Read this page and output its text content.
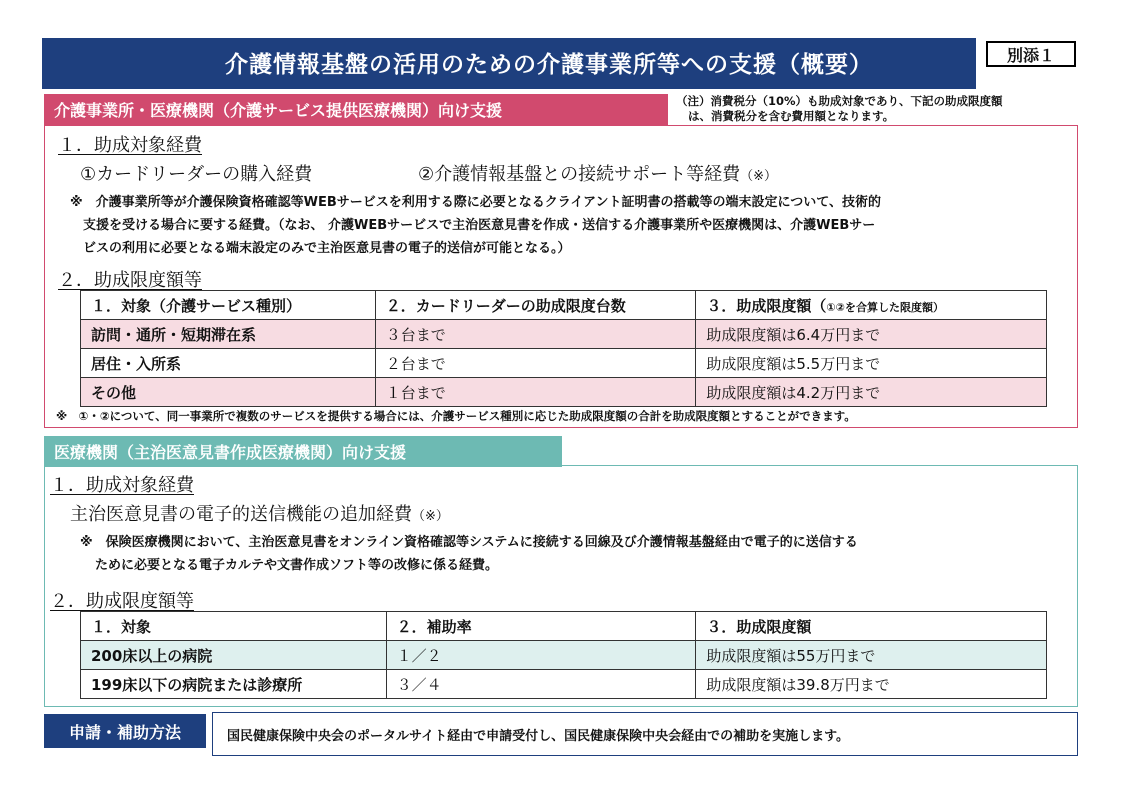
介護情報基盤の活用のための介護事業所等への支援（概要）	別添１
介護事業所・医療機関（介護サービス提供医療機関）向け支援	（注）消費税分（10%）も助成対象であり、下記の助成限度額
は、消費税分を含む費用額となります。
１．助成対象経費
①カードリーダーの購入経費	②介護情報基盤との接続サポート等経費（※）
※　介護事業所等が介護保険資格確認等WEBサービスを利用する際に必要となるクライアント証明書の搭載等の端末設定について、技術的
支援を受ける場合に要する経費。（なお、 介護WEBサービスで主治医意見書を作成・送信する介護事業所や医療機関は、介護WEBサー
ビスの利用に必要となる端末設定のみで主治医意見書の電子的送信が可能となる。）
２．助成限度額等
１．対象（介護サービス種別）	２．カードリーダーの助成限度台数	３．助成限度額（①②を合算した限度額）
訪問・通所・短期滞在系	３台まで	助成限度額は6.4万円まで
居住・入所系	２台まで	助成限度額は5.5万円まで
その他	１台まで	助成限度額は4.2万円まで
※　①・②について、同一事業所で複数のサービスを提供する場合には、介護サービス種別に応じた助成限度額の合計を助成限度額とすることができます。
医療機関（主治医意見書作成医療機関）向け支援
１．助成対象経費
主治医意見書の電子的送信機能の追加経費（※）
※　保険医療機関において、主治医意見書をオンライン資格確認等システムに接続する回線及び介護情報基盤経由で電子的に送信する
ために必要となる電子カルテや文書作成ソフト等の改修に係る経費。
２．助成限度額等
１．対象	２．補助率	３．助成限度額
200床以上の病院	１／２	助成限度額は55万円まで
199床以下の病院または診療所	３／４	助成限度額は39.8万円まで
申請・補助方法	国民健康保険中央会のポータルサイト経由で申請受付し、国民健康保険中央会経由での補助を実施します。
